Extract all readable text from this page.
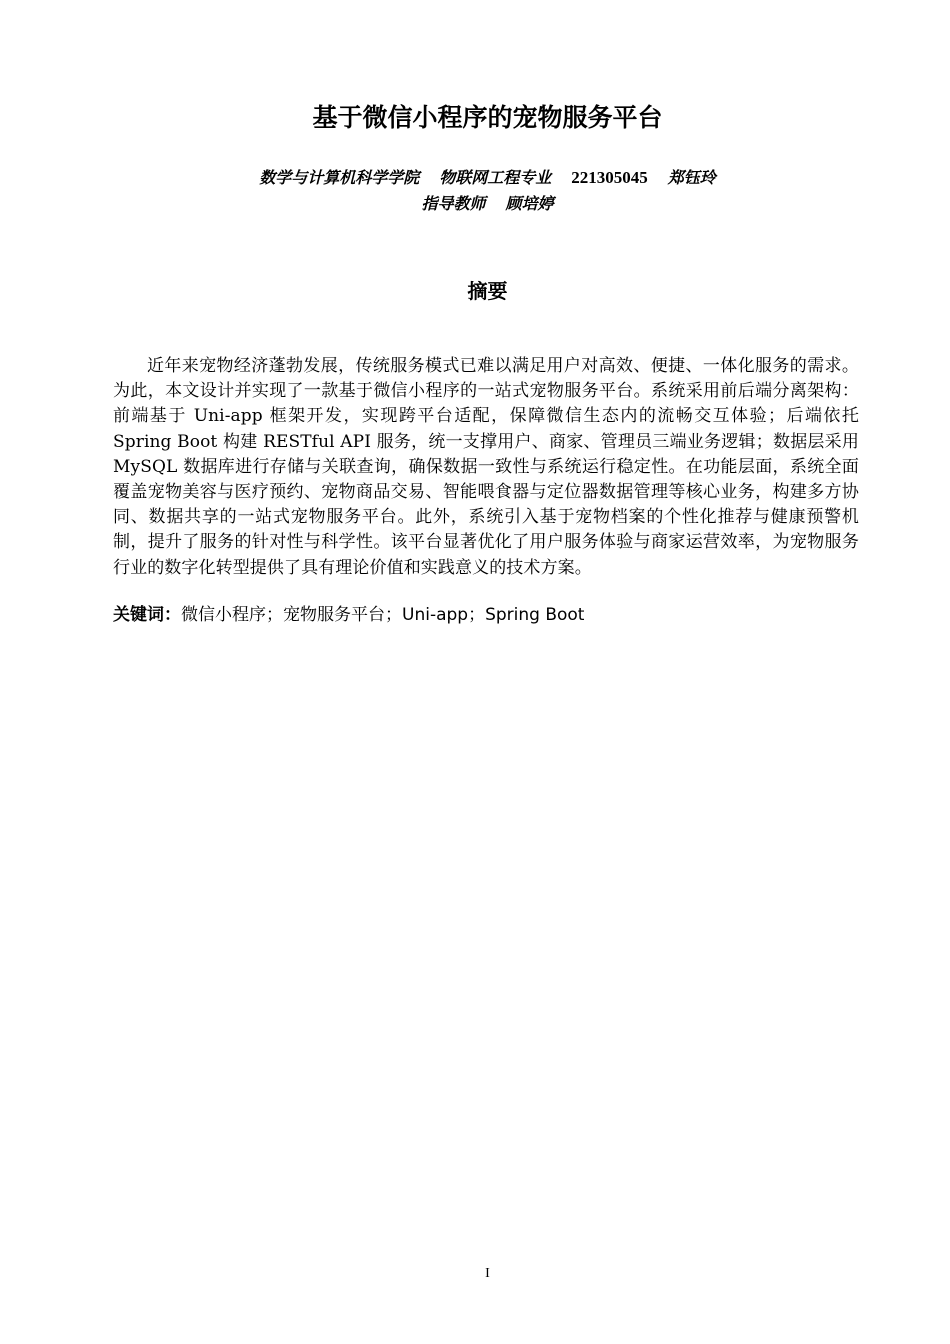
基于微信小程序的宠物服务平台

数学与计算机科学学院 物联网工程专业 221305045 郑钰玲

指导教师 顾培婷

摘要

近年来宠物经济蓬勃发展，传统服务模式已难以满足用户对高效、便捷、一体化服务的需求。为此，本文设计并实现了一款基于微信小程序的一站式宠物服务平台。系统采用前后端分离架构：前端基于 Uni-app 框架开发，实现跨平台适配，保障微信生态内的流畅交互体验；后端依托 Spring Boot 构建 RESTful API 服务，统一支撑用户、商家、管理员三端业务逻辑；数据层采用 MySQL 数据库进行存储与关联查询，确保数据一致性与系统运行稳定性。在功能层面，系统全面覆盖宠物美容与医疗预约、宠物商品交易、智能喂食器与定位器数据管理等核心业务，构建多方协同、数据共享的一站式宠物服务平台。此外，系统引入基于宠物档案的个性化推荐与健康预警机制，提升了服务的针对性与科学性。该平台显著优化了用户服务体验与商家运营效率，为宠物服务行业的数字化转型提供了具有理论价值和实践意义的技术方案。

关键词：微信小程序；宠物服务平台；Uni-app；Spring Boot

I
